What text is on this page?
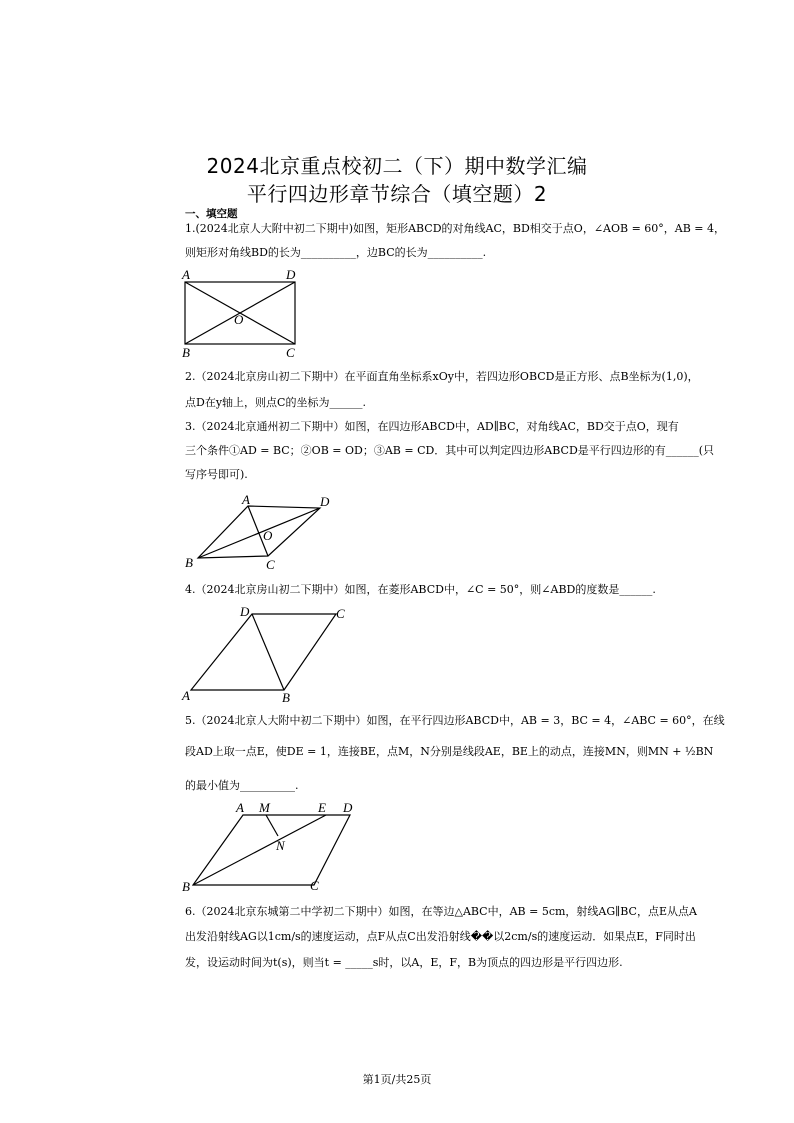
2024北京重点校初二（下）期中数学汇编
平行四边形章节综合（填空题）2
一、填空题
1.(2024北京人大附中初二下期中)如图，矩形ABCD的对角线AC，BD相交于点O，∠AOB = 60°，AB = 4，
则矩形对角线BD的长为__________，边BC的长为__________.
A	D
O
B	C
2.（2024北京房山初二下期中）在平面直角坐标系xOy中，若四边形OBCD是正方形、点B坐标为(1,0)，
点D在y轴上，则点C的坐标为______.
3.（2024北京通州初二下期中）如图，在四边形ABCD中，AD∥BC，对角线AC，BD交于点O，现有
三个条件①AD = BC；②OB = OD；③AB = CD．其中可以判定四边形ABCD是平行四边形的有______(只
写序号即可).
A	D
O
B	C
4.（2024北京房山初二下期中）如图，在菱形ABCD中，∠C = 50°，则∠ABD的度数是______.
D	C
A	B
5.（2024北京人大附中初二下期中）如图，在平行四边形ABCD中，AB = 3，BC = 4，∠ABC = 60°，在线
段AD上取一点E，使DE = 1，连接BE，点M，N分别是线段AE，BE上的动点，连接MN，则MN + ½BN
的最小值为__________.
A M	E D
N
B	C
6.（2024北京东城第二中学初二下期中）如图，在等边△ABC中，AB = 5cm，射线AG∥BC，点E从点A
出发沿射线AG以1cm/s的速度运动，点F从点C出发沿射线��以2cm/s的速度运动．如果点E，F同时出
发，设运动时间为t(s)，则当t = _____s时，以A，E，F，B为顶点的四边形是平行四边形.
第1页/共25页
